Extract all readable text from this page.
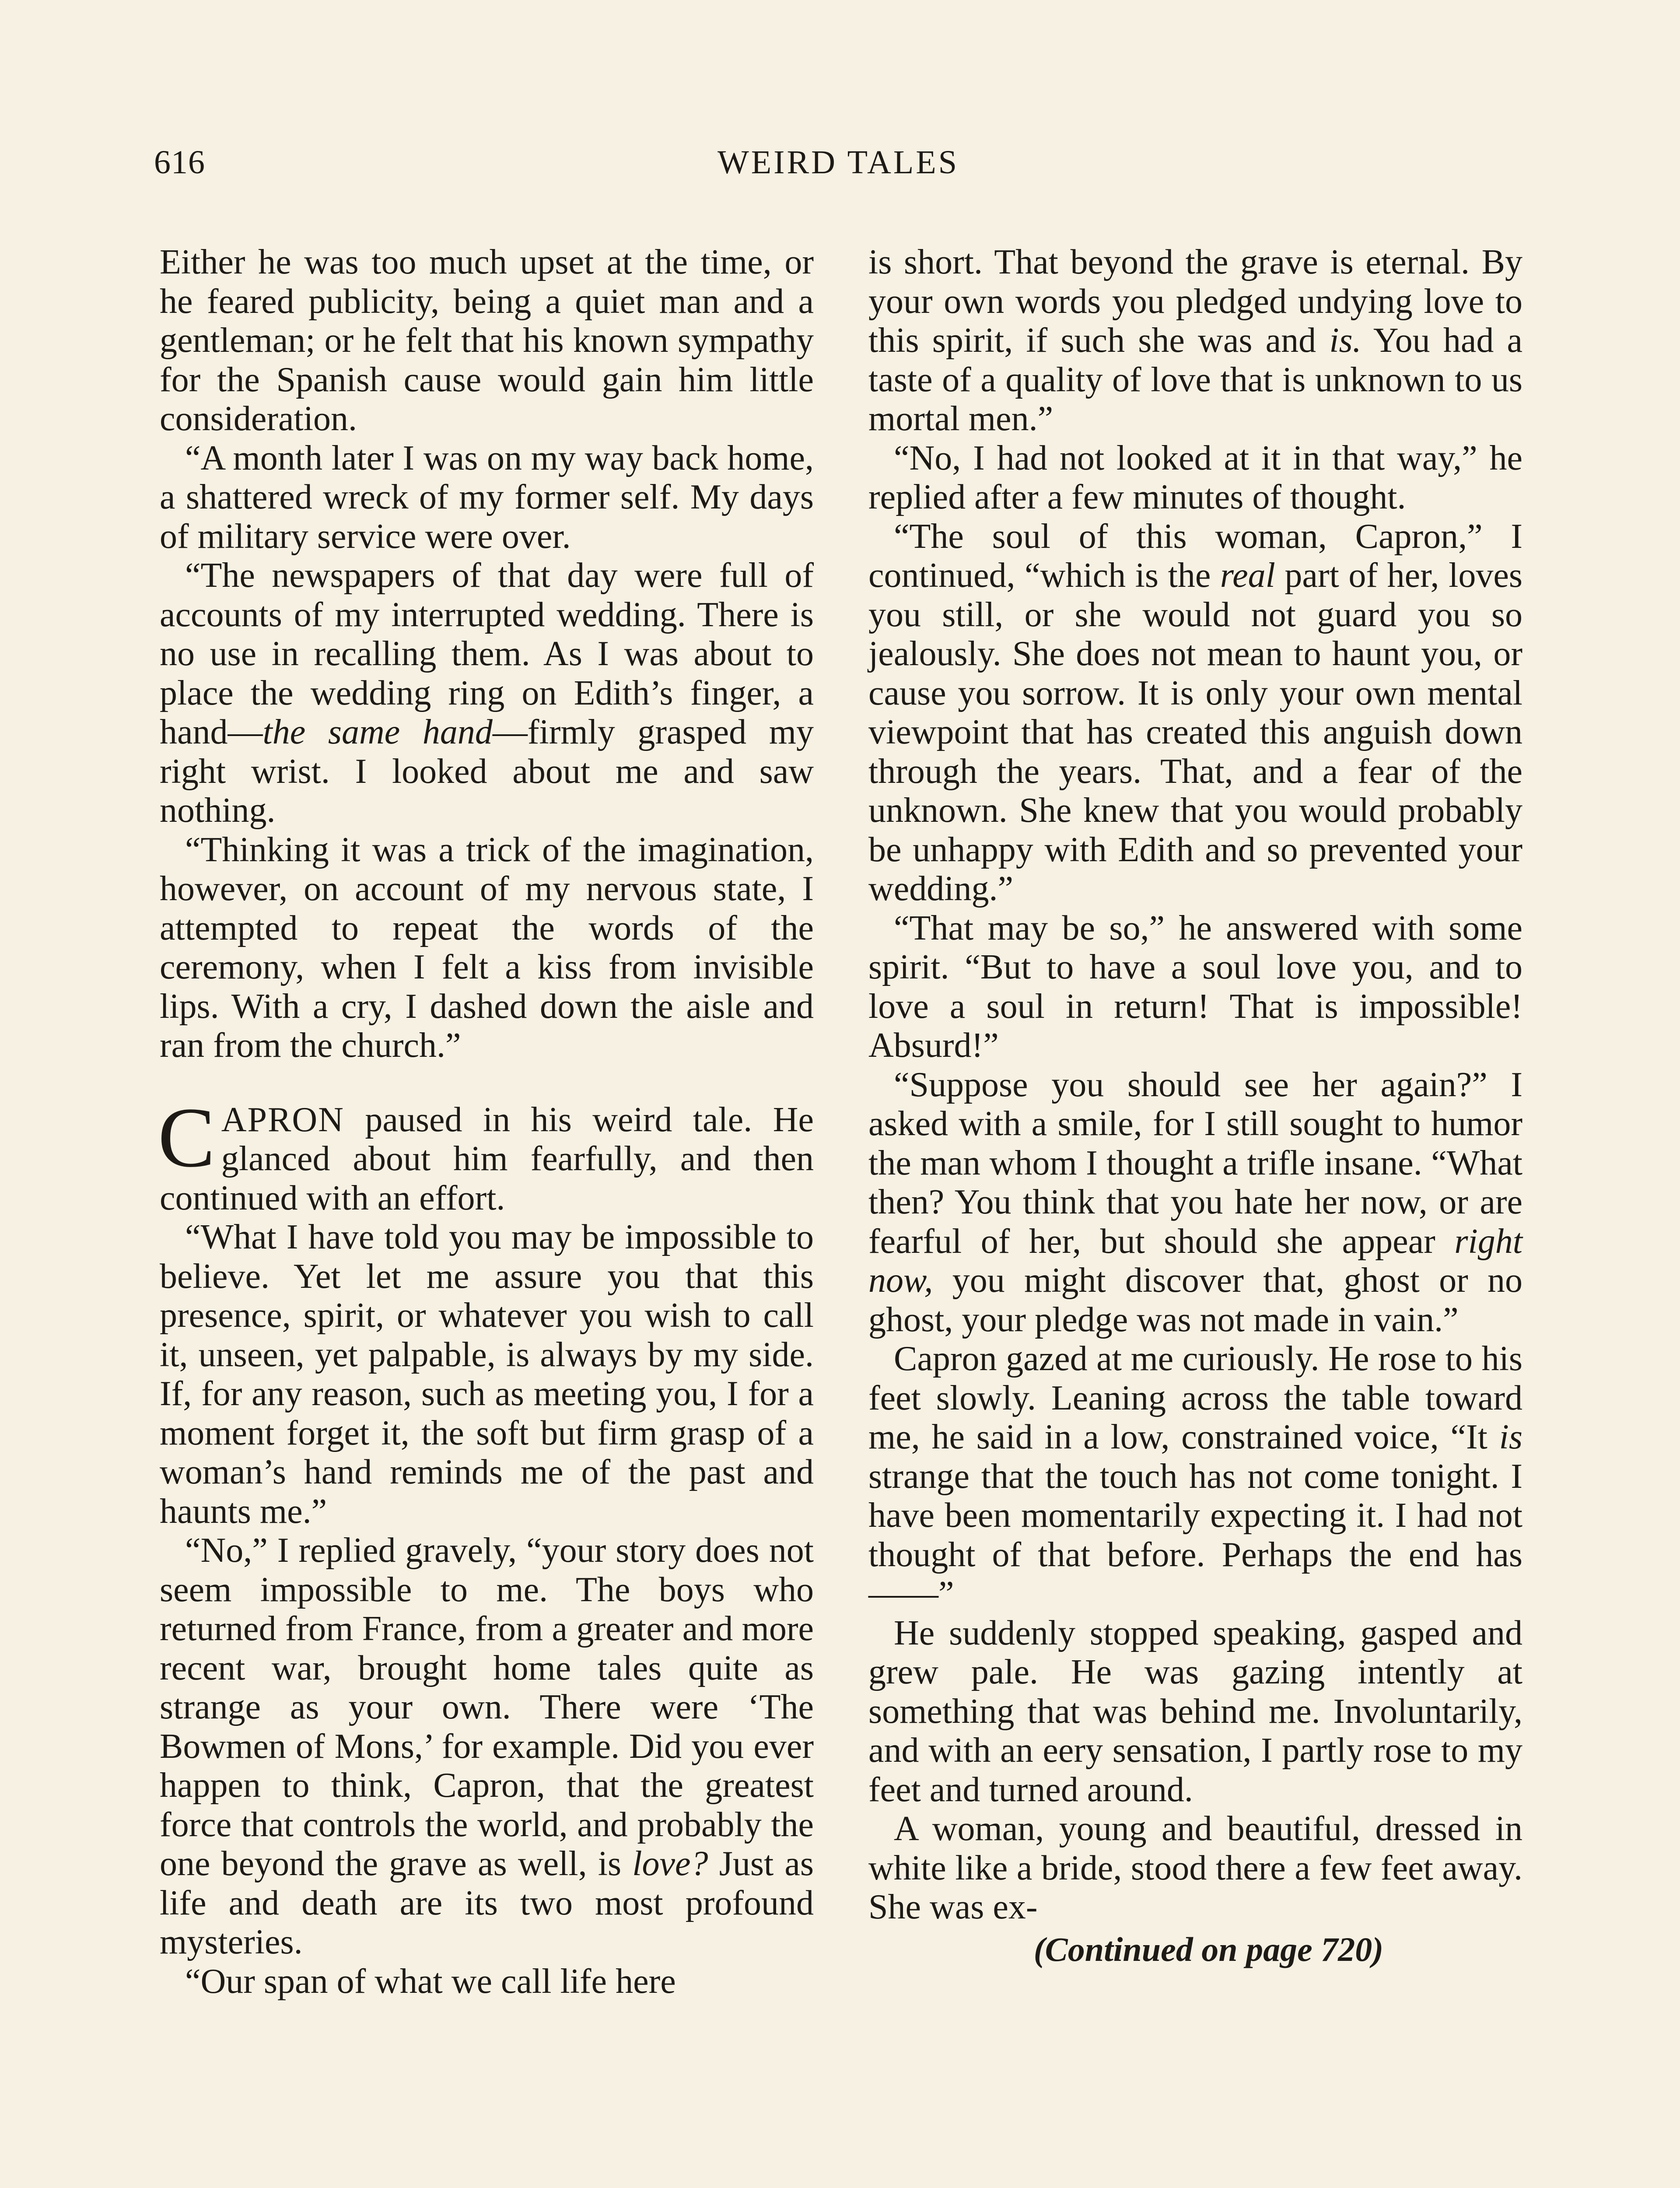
616	WEIRD TALES

Either he was too much upset at the time, or he feared publicity, being a quiet man and a gentleman; or he felt that his known sympathy for the Spanish cause would gain him little consideration.

“A month later I was on my way back home, a shattered wreck of my former self. My days of military service were over.

“The newspapers of that day were full of accounts of my interrupted wedding. There is no use in recalling them. As I was about to place the wedding ring on Edith’s finger, a hand—the same hand—firmly grasped my right wrist. I looked about me and saw nothing.

“Thinking it was a trick of the imagination, however, on account of my nervous state, I attempted to repeat the words of the ceremony, when I felt a kiss from invisible lips. With a cry, I dashed down the aisle and ran from the church.”

CAPRON paused in his weird tale. He glanced about him fearfully, and then continued with an effort.

“What I have told you may be impossible to believe. Yet let me assure you that this presence, spirit, or whatever you wish to call it, unseen, yet palpable, is always by my side. If, for any reason, such as meeting you, I for a moment forget it, the soft but firm grasp of a woman’s hand reminds me of the past and haunts me.”

“No,” I replied gravely, “your story does not seem impossible to me. The boys who returned from France, from a greater and more recent war, brought home tales quite as strange as your own. There were ‘The Bowmen of Mons,’ for example. Did you ever happen to think, Capron, that the greatest force that controls the world, and probably the one beyond the grave as well, is love? Just as life and death are its two most profound mysteries.

“Our span of what we call life here

is short. That beyond the grave is eternal. By your own words you pledged undying love to this spirit, if such she was and is. You had a taste of a quality of love that is unknown to us mortal men.”

“No, I had not looked at it in that way,” he replied after a few minutes of thought.

“The soul of this woman, Capron,” I continued, “which is the real part of her, loves you still, or she would not guard you so jealously. She does not mean to haunt you, or cause you sorrow. It is only your own mental viewpoint that has created this anguish down through the years. That, and a fear of the unknown. She knew that you would probably be unhappy with Edith and so prevented your wedding.”

“That may be so,” he answered with some spirit. “But to have a soul love you, and to love a soul in return! That is impossible! Absurd!”

“Suppose you should see her again?” I asked with a smile, for I still sought to humor the man whom I thought a trifle insane. “What then? You think that you hate her now, or are fearful of her, but should she appear right now, you might discover that, ghost or no ghost, your pledge was not made in vain.”

Capron gazed at me curiously. He rose to his feet slowly. Leaning across the table toward me, he said in a low, constrained voice, “It is strange that the touch has not come tonight. I have been momentarily expecting it. I had not thought of that before. Perhaps the end has——”

He suddenly stopped speaking, gasped and grew pale. He was gazing intently at something that was behind me. Involuntarily, and with an eery sensation, I partly rose to my feet and turned around.

A woman, young and beautiful, dressed in white like a bride, stood there a few feet away. She was ex-

(Continued on page 720)
